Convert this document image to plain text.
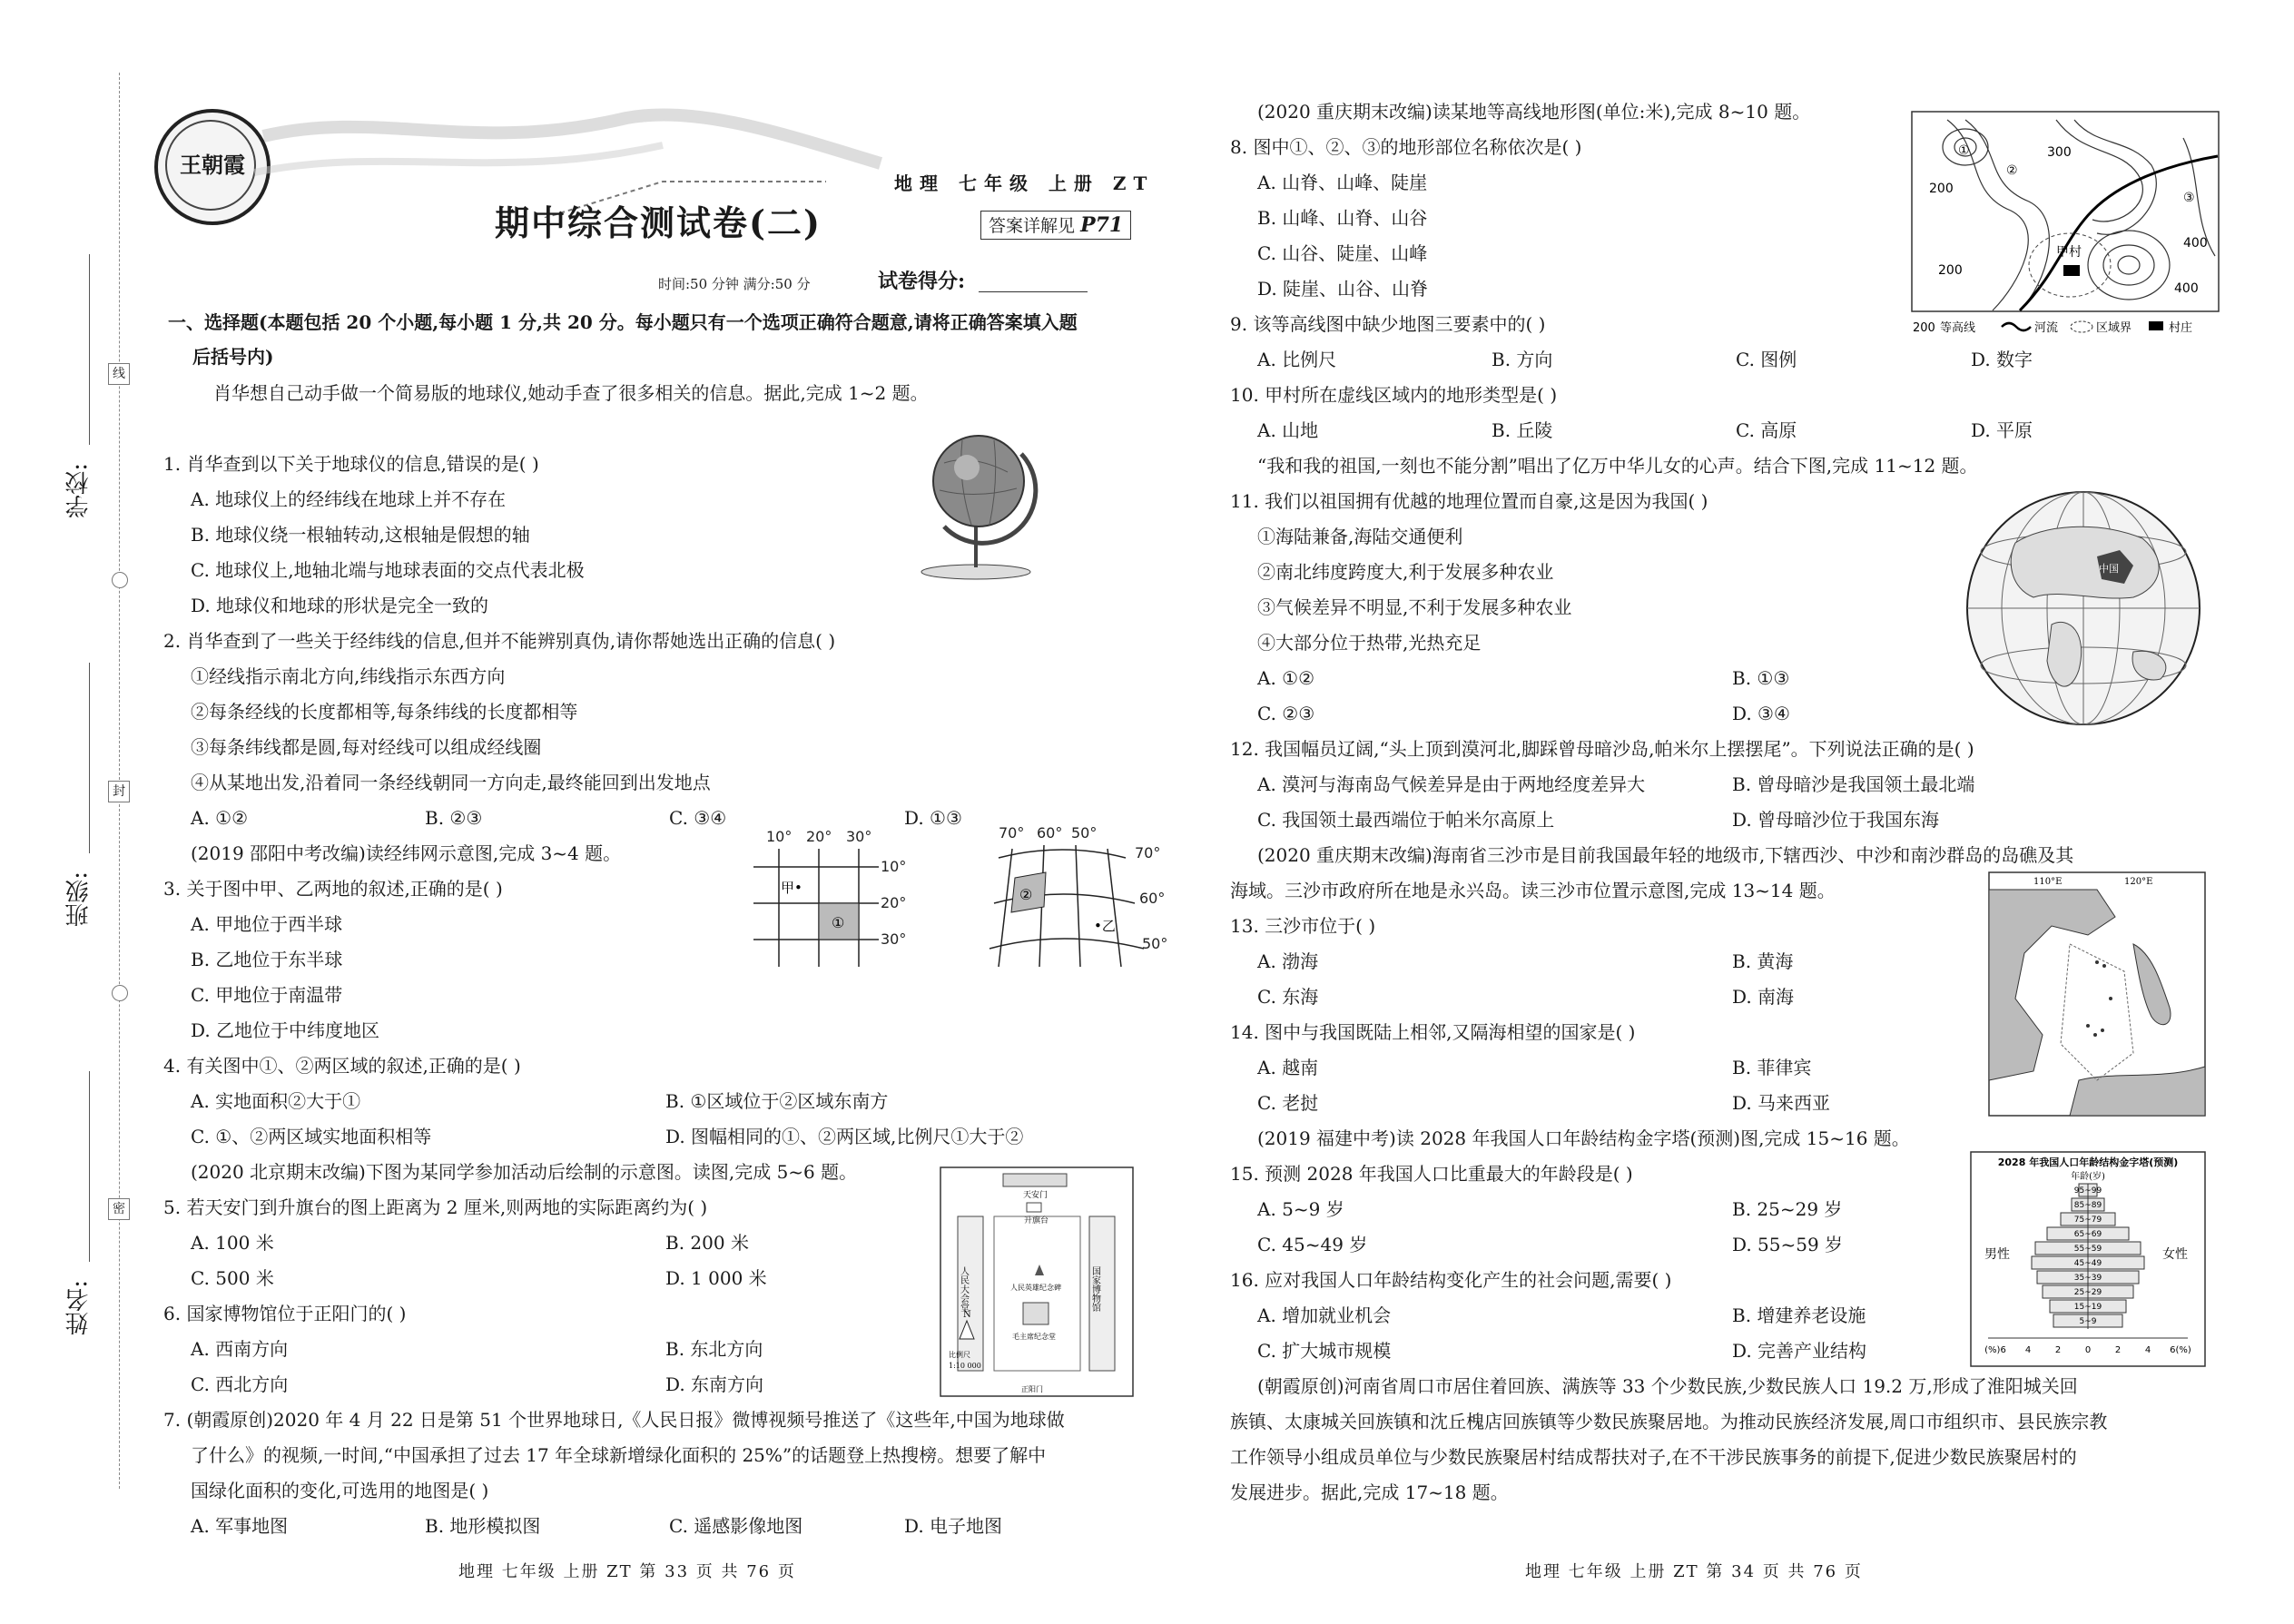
学校:
班级:
姓名:
线
封
密
王朝霞
地理 七年级 上册 ZT
期中综合测试卷(二)	答案详解见 P71
时间:50 分钟 满分:50 分	试卷得分:
一、选择题(本题包括 20 个小题,每小题 1 分,共 20 分。每小题只有一个选项正确符合题意,请将正确答案填入题
后括号内)
肖华想自己动手做一个简易版的地球仪,她动手查了很多相关的信息。据此,完成 1~2 题。
1. 肖华查到以下关于地球仪的信息,错误的是( )
A. 地球仪上的经纬线在地球上并不存在
B. 地球仪绕一根轴转动,这根轴是假想的轴
C. 地球仪上,地轴北端与地球表面的交点代表北极
D. 地球仪和地球的形状是完全一致的
2. 肖华查到了一些关于经纬线的信息,但并不能辨别真伪,请你帮她选出正确的信息( )
①经线指示南北方向,纬线指示东西方向
②每条经线的长度都相等,每条纬线的长度都相等
③每条纬线都是圆,每对经线可以组成经线圈
④从某地出发,沿着同一条经线朝同一方向走,最终能回到出发地点
A. ①②	B. ②③	C. ③④	D. ①③
(2019 邵阳中考改编)读经纬网示意图,完成 3~4 题。
3. 关于图中甲、乙两地的叙述,正确的是( )
A. 甲地位于西半球
B. 乙地位于东半球
C. 甲地位于南温带
D. 乙地位于中纬度地区
10° 20° 30°
10°
20°
30°
①
甲•	②
•乙
70° 60° 50°
70°
60°
50°
4. 有关图中①、②两区域的叙述,正确的是( )
A. 实地面积②大于①	B. ①区域位于②区域东南方
C. ①、②两区域实地面积相等	D. 图幅相同的①、②两区域,比例尺①大于②
(2020 北京期末改编)下图为某同学参加活动后绘制的示意图。读图,完成 5~6 题。
5. 若天安门到升旗台的图上距离为 2 厘米,则两地的实际距离约为( )
A. 100 米	B. 200 米
C. 500 米	D. 1 000 米
6. 国家博物馆位于正阳门的( )
A. 西南方向	B. 东北方向
C. 西北方向	D. 东南方向
天安门
升旗台
人民大会堂	国家博物馆
人民英雄纪念碑
毛主席纪念堂
正阳门
N
比例尺
1:10 000
7. (朝霞原创)2020 年 4 月 22 日是第 51 个世界地球日,《人民日报》微博视频号推送了《这些年,中国为地球做
了什么》的视频,一时间,“中国承担了过去 17 年全球新增绿化面积的 25%”的话题登上热搜榜。想要了解中
国绿化面积的变化,可选用的地图是( )
A. 军事地图	B. 地形模拟图	C. 遥感影像地图	D. 电子地图
地理 七年级 上册 ZT 第 33 页 共 76 页
(2020 重庆期末改编)读某地等高线地形图(单位:米),完成 8~10 题。
8. 图中①、②、③的地形部位名称依次是( )
A. 山脊、山峰、陡崖
B. 山峰、山脊、山谷
C. 山谷、陡崖、山峰
D. 陡崖、山谷、山脊
9. 该等高线图中缺少地图三要素中的( )
A. 比例尺	B. 方向	C. 图例	D. 数字
10. 甲村所在虚线区域内的地形类型是( )
A. 山地	B. 丘陵	C. 高原	D. 平原
①
②
③
200
300
400
400
200
甲村
200 等高线	河流	区域界	村庄
“我和我的祖国,一刻也不能分割”唱出了亿万中华儿女的心声。结合下图,完成 11~12 题。
11. 我们以祖国拥有优越的地理位置而自豪,这是因为我国( )
①海陆兼备,海陆交通便利
②南北纬度跨度大,利于发展多种农业
③气候差异不明显,不利于发展多种农业
④大部分位于热带,光热充足
A. ①②	B. ①③
C. ②③	D. ③④
中国
12. 我国幅员辽阔,“头上顶到漠河北,脚踩曾母暗沙岛,帕米尔上摆摆尾”。下列说法正确的是( )
A. 漠河与海南岛气候差异是由于两地经度差异大	B. 曾母暗沙是我国领土最北端
C. 我国领土最西端位于帕米尔高原上	D. 曾母暗沙位于我国东海
(2020 重庆期末改编)海南省三沙市是目前我国最年轻的地级市,下辖西沙、中沙和南沙群岛的岛礁及其
海域。三沙市政府所在地是永兴岛。读三沙市位置示意图,完成 13~14 题。
13. 三沙市位于( )
A. 渤海	B. 黄海
C. 东海	D. 南海
14. 图中与我国既陆上相邻,又隔海相望的国家是( )
A. 越南	B. 菲律宾
C. 老挝	D. 马来西亚
110°E	120°E
(2019 福建中考)读 2028 年我国人口年龄结构金字塔(预测)图,完成 15~16 题。
15. 预测 2028 年我国人口比重最大的年龄段是( )
A. 5~9 岁	B. 25~29 岁
C. 45~49 岁	D. 55~59 岁
16. 应对我国人口年龄结构变化产生的社会问题,需要( )
A. 增加就业机会	B. 增建养老设施
C. 扩大城市规模	D. 完善产业结构
2028 年我国人口年龄结构金字塔(预测)
年龄(岁)
95~99
85~89
75~79
65~69
55~59
45~49
35~39
25~29
15~19
5~9
男性	女性
(%)6 4	2	0	2	4 6(%)
(朝霞原创)河南省周口市居住着回族、满族等 33 个少数民族,少数民族人口 19.2 万,形成了淮阳城关回
族镇、太康城关回族镇和沈丘槐店回族镇等少数民族聚居地。为推动民族经济发展,周口市组织市、县民族宗教
工作领导小组成员单位与少数民族聚居村结成帮扶对子,在不干涉民族事务的前提下,促进少数民族聚居村的
发展进步。据此,完成 17~18 题。
地理 七年级 上册 ZT 第 34 页 共 76 页
